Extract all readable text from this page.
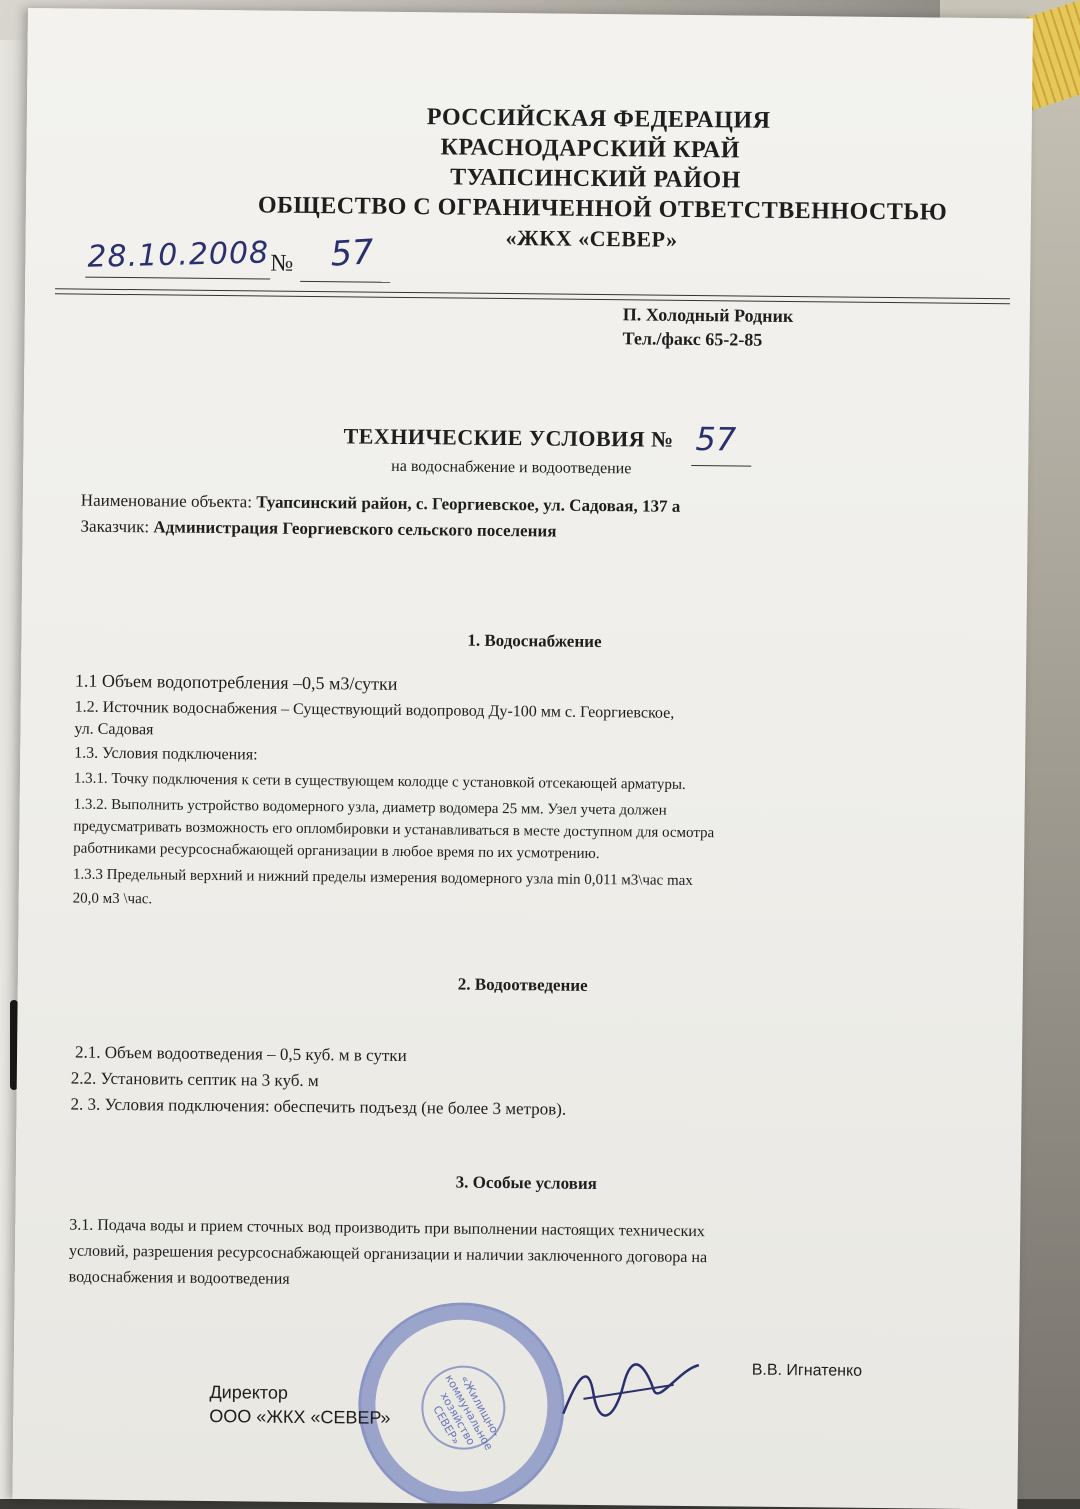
РОССИЙСКАЯ ФЕДЕРАЦИЯ
КРАСНОДАРСКИЙ КРАЙ
ТУАПСИНСКИЙ РАЙОН
ОБЩЕСТВО С ОГРАНИЧЕННОЙ ОТВЕТСТВЕННОСТЬЮ
«ЖКХ «СЕВЕР»
28.10.2008 № 57
П. Холодный Родник
Тел./факс 65-2-85
ТЕХНИЧЕСКИЕ УСЛОВИЯ № 57
на водоснабжение и водоотведение
Наименование объекта: Туапсинский район, с. Георгиевское, ул. Садовая, 137 а
Заказчик: Администрация Георгиевского сельского поселения
1. Водоснабжение
1.1 Объем водопотребления –0,5 м3/сутки
1.2. Источник водоснабжения – Существующий водопровод Ду-100 мм с. Георгиевское,
ул. Садовая
1.3. Условия подключения:
1.3.1. Точку подключения к сети в существующем колодце с установкой отсекающей арматуры.
1.3.2. Выполнить устройство водомерного узла, диаметр водомера 25 мм. Узел учета должен
предусматривать возможность его опломбировки и устанавливаться в месте доступном для осмотра
работниками ресурсоснабжающей организации в любое время по их усмотрению.
1.3.3 Предельный верхний и нижний пределы измерения водомерного узла min 0,011 м3\час max
20,0 м3 \час.
2. Водоотведение
2.1. Объем водоотведения – 0,5 куб. м в сутки
2.2. Установить септик на 3 куб. м
2. 3. Условия подключения: обеспечить подъезд (не более 3 метров).
3. Особые условия
3.1. Подача воды и прием сточных вод производить при выполнении настоящих технических
условий, разрешения ресурсоснабжающей организации и наличии заключенного договора на
водоснабжения и водоотведения
«Жилищно-коммунальное хозяйство СЕВЕР»
В.В. Игнатенко
Директор
ООО «ЖКХ «СЕВЕР»
